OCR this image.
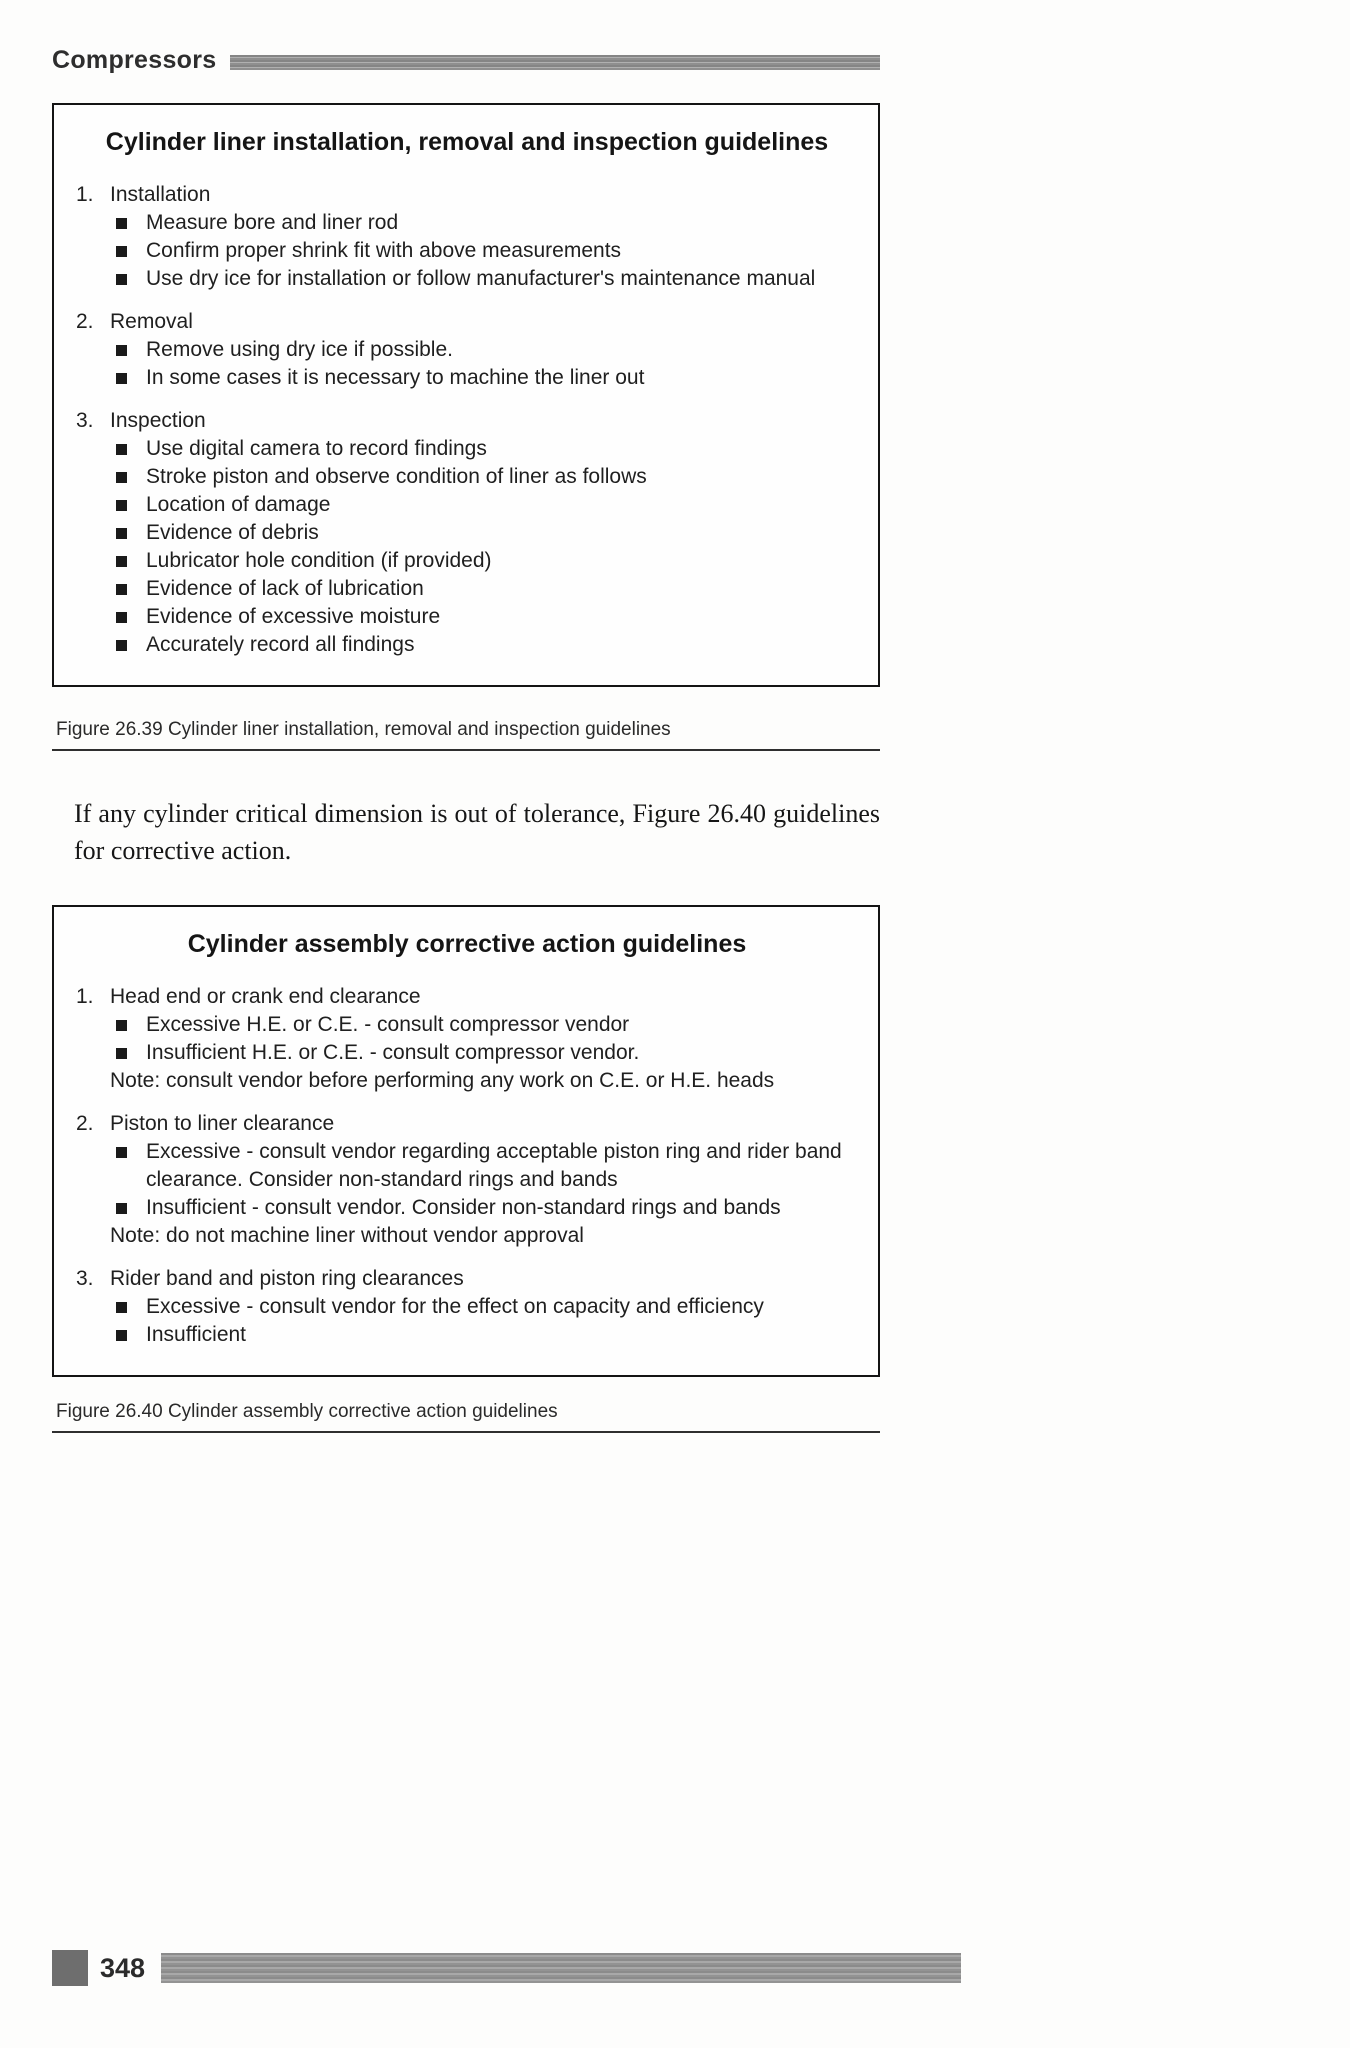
Compressors
Cylinder liner installation, removal and inspection guidelines
1. Installation
Measure bore and liner rod
Confirm proper shrink fit with above measurements
Use dry ice for installation or follow manufacturer's maintenance manual
2. Removal
Remove using dry ice if possible.
In some cases it is necessary to machine the liner out
3. Inspection
Use digital camera to record findings
Stroke piston and observe condition of liner as follows
Location of damage
Evidence of debris
Lubricator hole condition (if provided)
Evidence of lack of lubrication
Evidence of excessive moisture
Accurately record all findings
Figure 26.39 Cylinder liner installation, removal and inspection guidelines

If any cylinder critical dimension is out of tolerance, Figure 26.40 guidelines for corrective action.

Cylinder assembly corrective action guidelines
1. Head end or crank end clearance
Excessive H.E. or C.E. - consult compressor vendor
Insufficient H.E. or C.E. - consult compressor vendor.
Note: consult vendor before performing any work on C.E. or H.E. heads
2. Piston to liner clearance
Excessive - consult vendor regarding acceptable piston ring and rider band clearance. Consider non-standard rings and bands
Insufficient - consult vendor. Consider non-standard rings and bands
Note: do not machine liner without vendor approval
3. Rider band and piston ring clearances
Excessive - consult vendor for the effect on capacity and efficiency
Insufficient
Figure 26.40 Cylinder assembly corrective action guidelines
348
